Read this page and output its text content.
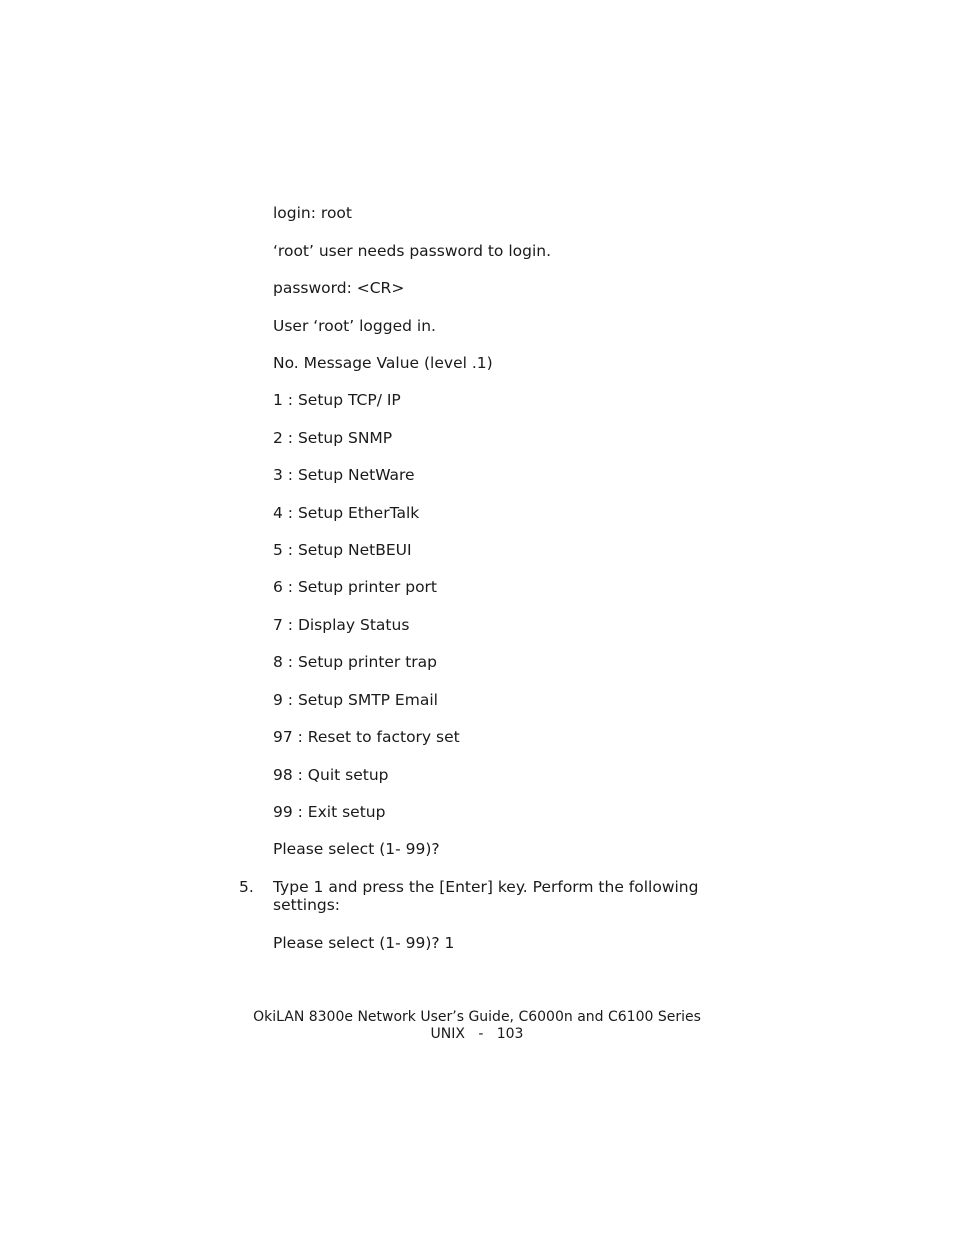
login: root

‘root’ user needs password to login.

password: <CR>

User ‘root’ logged in.

No. Message Value (level .1)

1 : Setup TCP/ IP

2 : Setup SNMP

3 : Setup NetWare

4 : Setup EtherTalk

5 : Setup NetBEUI

6 : Setup printer port

7 : Display Status

8 : Setup printer trap

9 : Setup SMTP Email

97 : Reset to factory set

98 : Quit setup

99 : Exit setup

Please select (1- 99)?

5. Type 1 and press the [Enter] key. Perform the following settings:

Please select (1- 99)? 1

OkiLAN 8300e Network User’s Guide, C6000n and C6100 Series
UNIX   -   103
